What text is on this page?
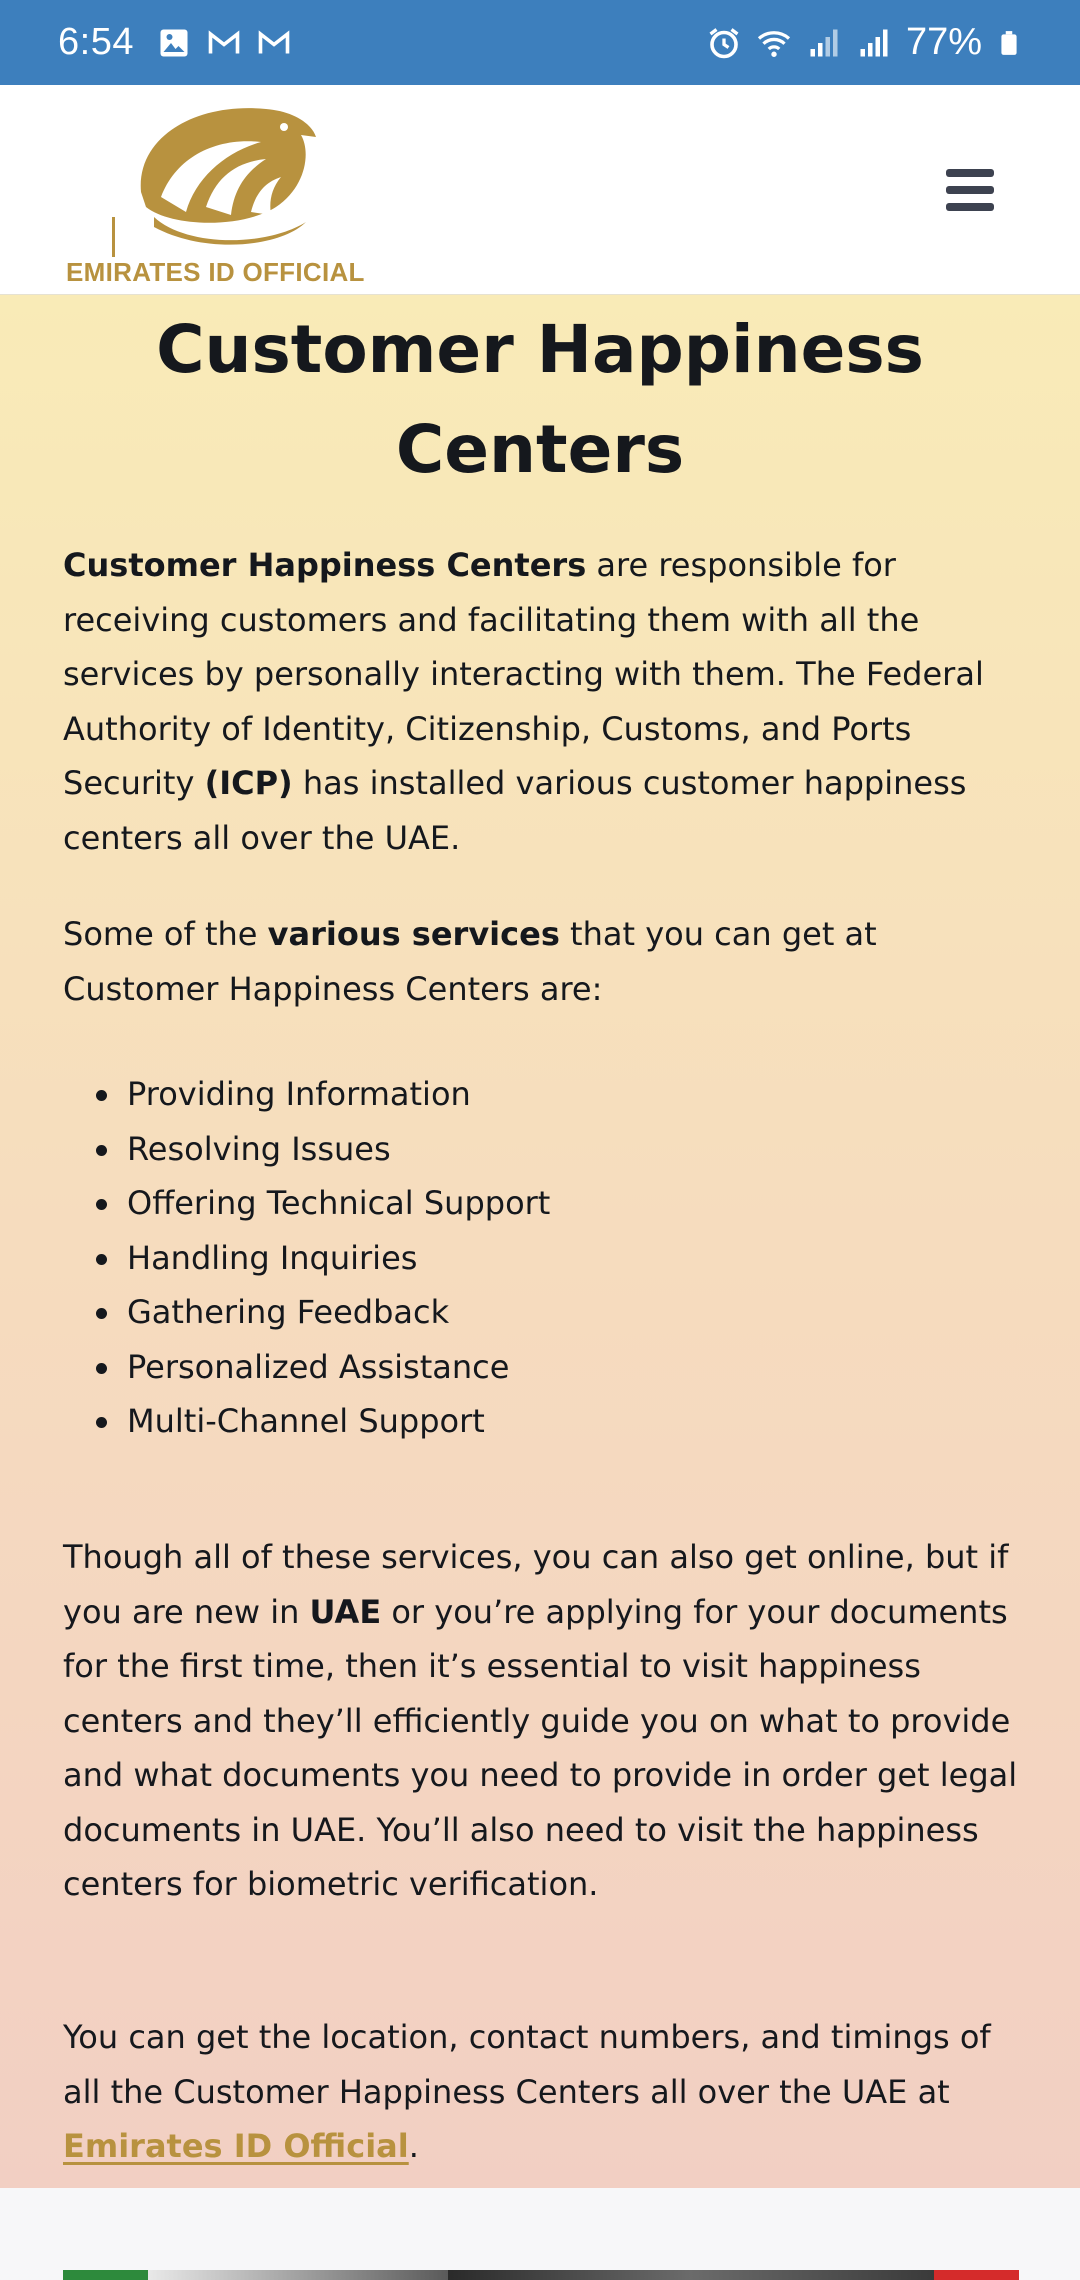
6:54	77%
EMIRATES ID OFFICIAL
Customer Happiness Centers

Customer Happiness Centers are responsible for receiving customers and facilitating them with all the services by personally interacting with them. The Federal Authority of Identity, Citizenship, Customs, and Ports Security (ICP) has installed various customer happiness centers all over the UAE.

Some of the various services that you can get at Customer Happiness Centers are:

Providing Information
Resolving Issues
Offering Technical Support
Handling Inquiries
Gathering Feedback
Personalized Assistance
Multi-Channel Support

Though all of these services, you can also get online, but if you are new in UAE or you’re applying for your documents for the first time, then it’s essential to visit happiness centers and they’ll efficiently guide you on what to provide and what documents you need to provide in order get legal documents in UAE. You’ll also need to visit the happiness centers for biometric verification.

You can get the location, contact numbers, and timings of all the Customer Happiness Centers all over the UAE at Emirates ID Official.
